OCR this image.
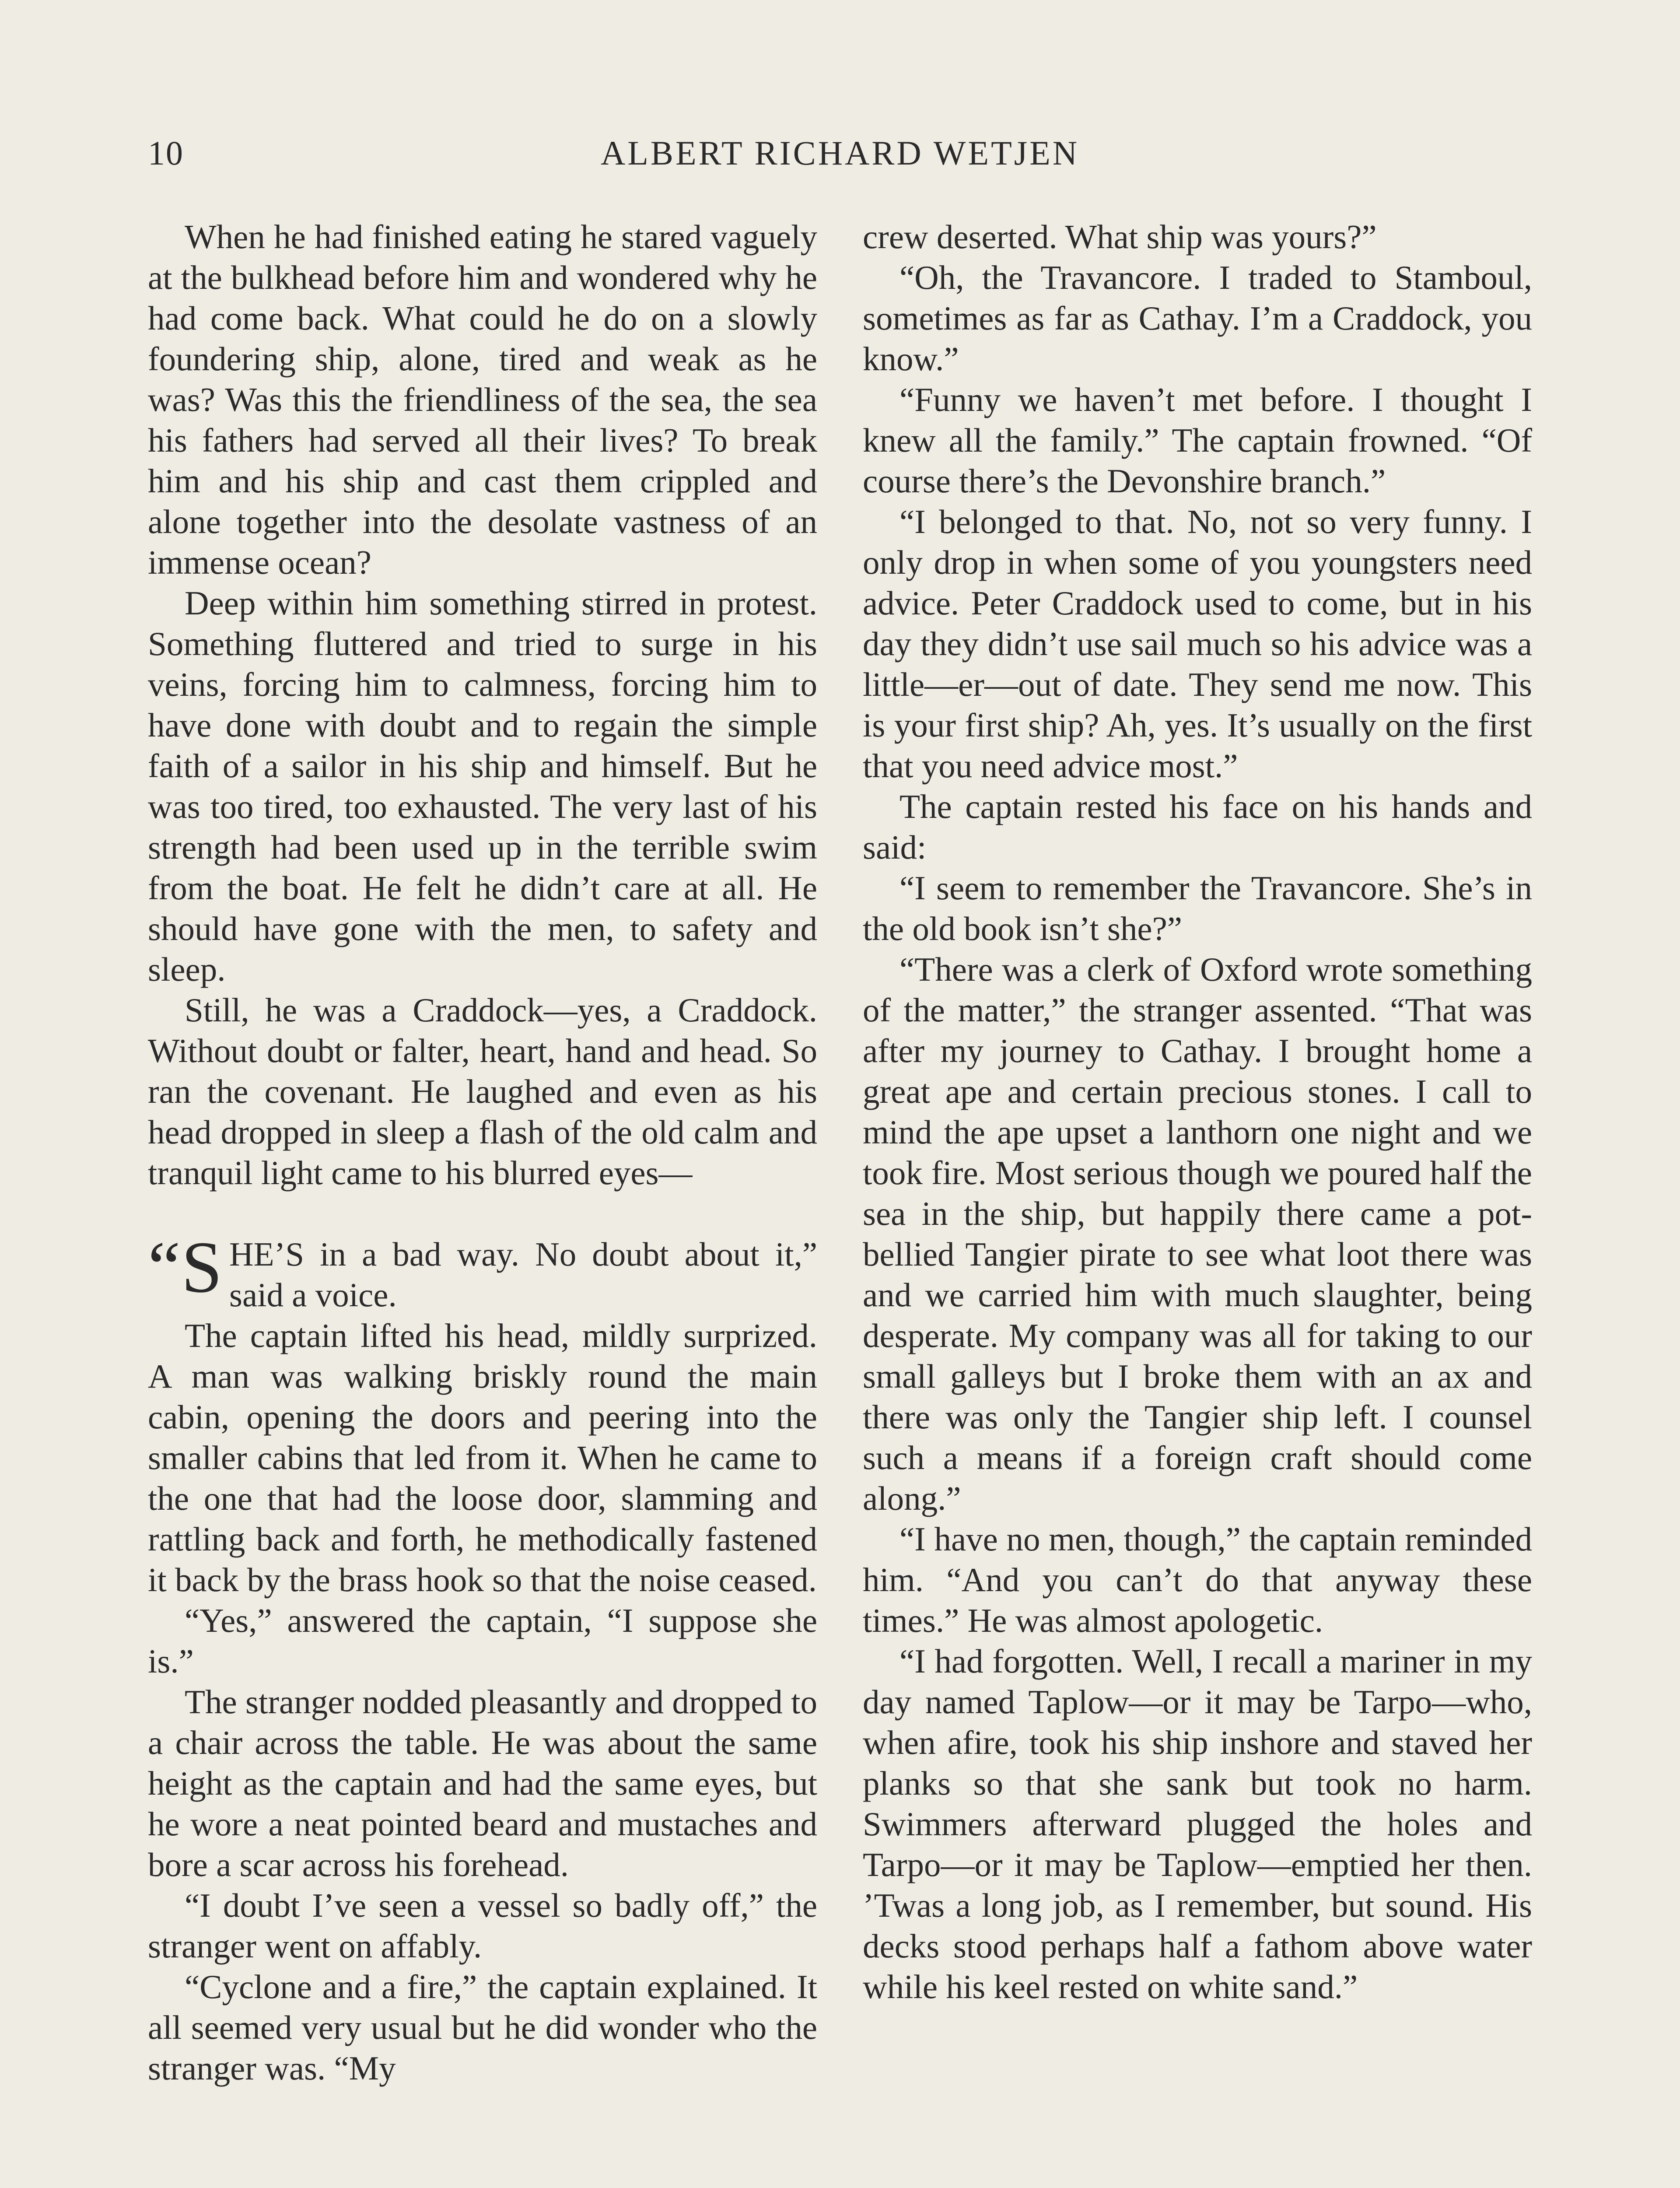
10	ALBERT RICHARD WETJEN

When he had finished eating he stared vaguely at the bulkhead before him and wondered why he had come back. What could he do on a slowly foundering ship, alone, tired and weak as he was? Was this the friendliness of the sea, the sea his fathers had served all their lives? To break him and his ship and cast them crippled and alone together into the desolate vastness of an immense ocean?

Deep within him something stirred in protest. Something fluttered and tried to surge in his veins, forcing him to calmness, forcing him to have done with doubt and to regain the simple faith of a sailor in his ship and himself. But he was too tired, too exhausted. The very last of his strength had been used up in the terrible swim from the boat. He felt he didn’t care at all. He should have gone with the men, to safety and sleep.

Still, he was a Craddock—yes, a Craddock. Without doubt or falter, heart, hand and head. So ran the covenant. He laughed and even as his head dropped in sleep a flash of the old calm and tranquil light came to his blurred eyes—

“SHE’S in a bad way. No doubt about it,” said a voice.

The captain lifted his head, mildly surprized. A man was walking briskly round the main cabin, opening the doors and peering into the smaller cabins that led from it. When he came to the one that had the loose door, slamming and rattling back and forth, he methodically fastened it back by the brass hook so that the noise ceased.

“Yes,” answered the captain, “I suppose she is.”

The stranger nodded pleasantly and dropped to a chair across the table. He was about the same height as the captain and had the same eyes, but he wore a neat pointed beard and mustaches and bore a scar across his forehead.

“I doubt I’ve seen a vessel so badly off,” the stranger went on affably.

“Cyclone and a fire,” the captain explained. It all seemed very usual but he did wonder who the stranger was. “My

crew deserted. What ship was yours?”

“Oh, the Travancore. I traded to Stamboul, sometimes as far as Cathay. I’m a Craddock, you know.”

“Funny we haven’t met before. I thought I knew all the family.” The captain frowned. “Of course there’s the Devonshire branch.”

“I belonged to that. No, not so very funny. I only drop in when some of you youngsters need advice. Peter Craddock used to come, but in his day they didn’t use sail much so his advice was a little—er—out of date. They send me now. This is your first ship? Ah, yes. It’s usually on the first that you need advice most.”

The captain rested his face on his hands and said:

“I seem to remember the Travancore. She’s in the old book isn’t she?”

“There was a clerk of Oxford wrote something of the matter,” the stranger assented. “That was after my journey to Cathay. I brought home a great ape and certain precious stones. I call to mind the ape upset a lanthorn one night and we took fire. Most serious though we poured half the sea in the ship, but happily there came a pot-bellied Tangier pirate to see what loot there was and we carried him with much slaughter, being desperate. My company was all for taking to our small galleys but I broke them with an ax and there was only the Tangier ship left. I counsel such a means if a foreign craft should come along.”

“I have no men, though,” the captain reminded him. “And you can’t do that anyway these times.” He was almost apologetic.

“I had forgotten. Well, I recall a mariner in my day named Taplow—or it may be Tarpo—who, when afire, took his ship inshore and staved her planks so that she sank but took no harm. Swimmers afterward plugged the holes and Tarpo—or it may be Taplow—emptied her then. ’Twas a long job, as I remember, but sound. His decks stood perhaps half a fathom above water while his keel rested on white sand.”
